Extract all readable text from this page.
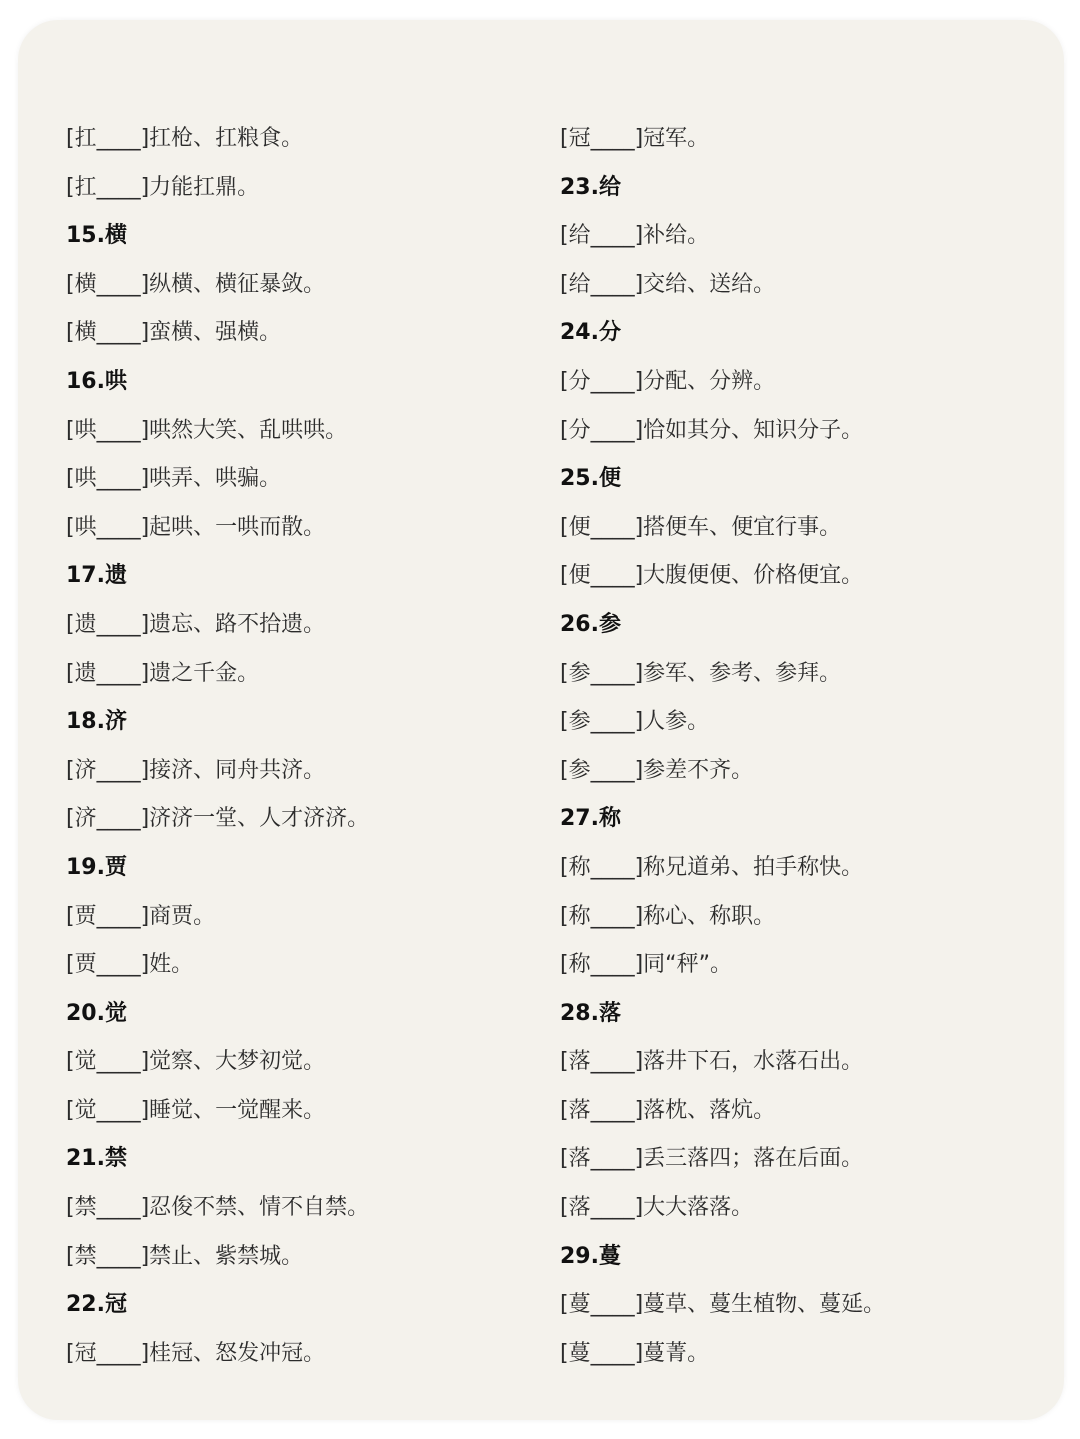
[扛____]扛枪、扛粮食。
[扛____]力能扛鼎。
15.横
[横____]纵横、横征暴敛。
[横____]蛮横、强横。
16.哄
[哄____]哄然大笑、乱哄哄。
[哄____]哄弄、哄骗。
[哄____]起哄、一哄而散。
17.遗
[遗____]遗忘、路不拾遗。
[遗____]遗之千金。
18.济
[济____]接济、同舟共济。
[济____]济济一堂、人才济济。
19.贾
[贾____]商贾。
[贾____]姓。
20.觉
[觉____]觉察、大梦初觉。
[觉____]睡觉、一觉醒来。
21.禁
[禁____]忍俊不禁、情不自禁。
[禁____]禁止、紫禁城。
22.冠
[冠____]桂冠、怒发冲冠。
[冠____]冠军。
23.给
[给____]补给。
[给____]交给、送给。
24.分
[分____]分配、分辨。
[分____]恰如其分、知识分子。
25.便
[便____]搭便车、便宜行事。
[便____]大腹便便、价格便宜。
26.参
[参____]参军、参考、参拜。
[参____]人参。
[参____]参差不齐。
27.称
[称____]称兄道弟、拍手称快。
[称____]称心、称职。
[称____]同“秤”。
28.落
[落____]落井下石，水落石出。
[落____]落枕、落炕。
[落____]丢三落四；落在后面。
[落____]大大落落。
29.蔓
[蔓____]蔓草、蔓生植物、蔓延。
[蔓____]蔓菁。
